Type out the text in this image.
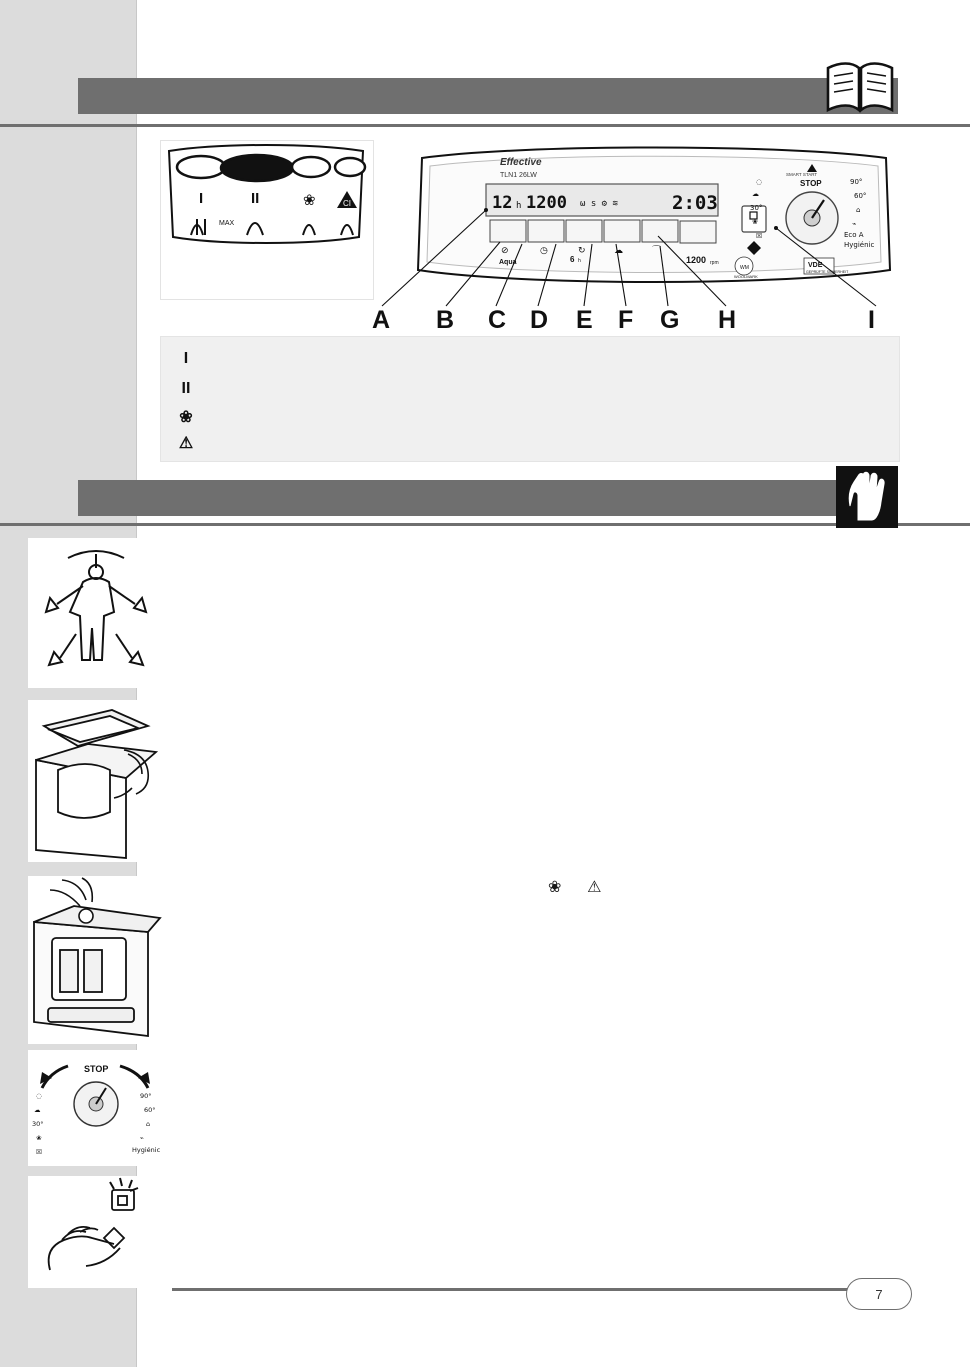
I	II	❀	CI
MAX
Effective
TLN1 26LW
12 h 1200 ω ѕ ⚙ ≋	2:03
⊘	◷	↻	☁	⌒
Aqua	6 h	1200 rpm
STOP
SMART START
◌
☁
30°
❀
☒
90°
60°
⌂
⌁
Eco A
Hygiénic
WM
WOOLMARK
VDE
GEPRÜFTE SICHERHEIT
A B C D E F G H	I
I
II
❀
⚠
STOP
◌
☁
30°
❀
☒
90°
60°
⌂
⌁
Hygiénic
❀ ⚠
7
